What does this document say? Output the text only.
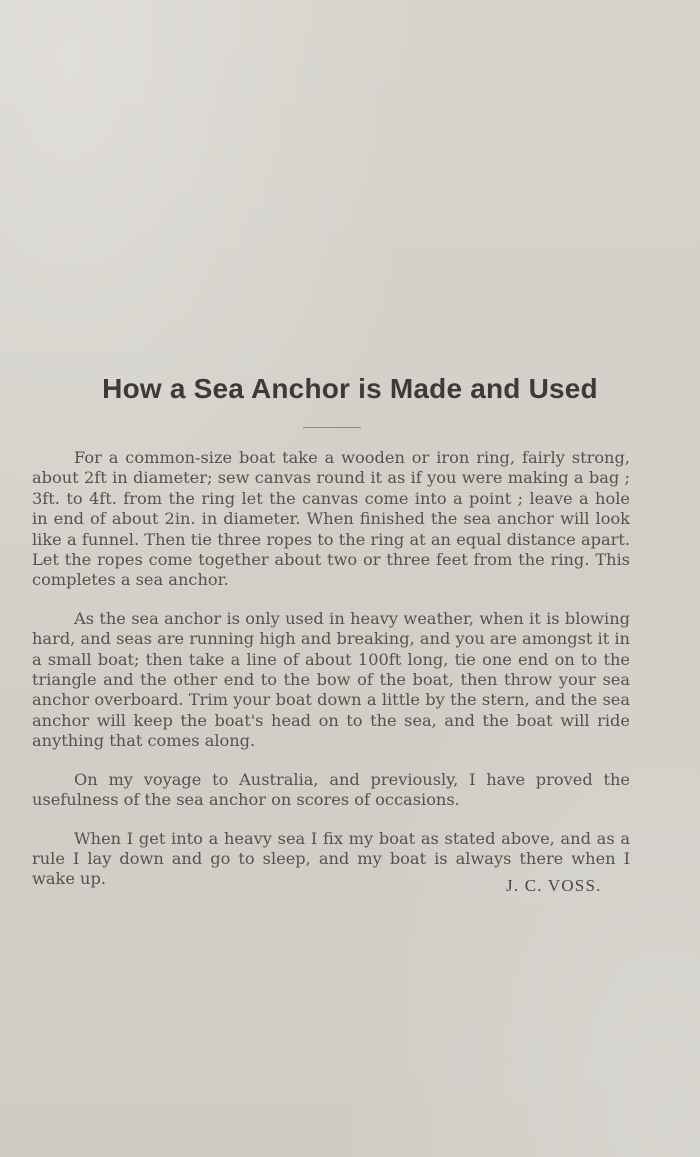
How a Sea Anchor is Made and Used

For a common-size boat take a wooden or iron ring, fairly strong, about 2ft in diameter; sew canvas round it as if you were making a bag ; 3ft. to 4ft. from the ring let the canvas come into a point ; leave a hole in end of about 2in. in diameter. When finished the sea anchor will look like a funnel. Then tie three ropes to the ring at an equal distance apart. Let the ropes come together about two or three feet from the ring. This completes a sea anchor.

As the sea anchor is only used in heavy weather, when it is blowing hard, and seas are running high and breaking, and you are amongst it in a small boat; then take a line of about 100ft long, tie one end on to the triangle and the other end to the bow of the boat, then throw your sea anchor overboard. Trim your boat down a little by the stern, and the sea anchor will keep the boat's head on to the sea, and the boat will ride anything that comes along.

On my voyage to Australia, and previously, I have proved the usefulness of the sea anchor on scores of occasions.

When I get into a heavy sea I fix my boat as stated above, and as a rule I lay down and go to sleep, and my boat is always there when I wake up.	J. C. VOSS.
